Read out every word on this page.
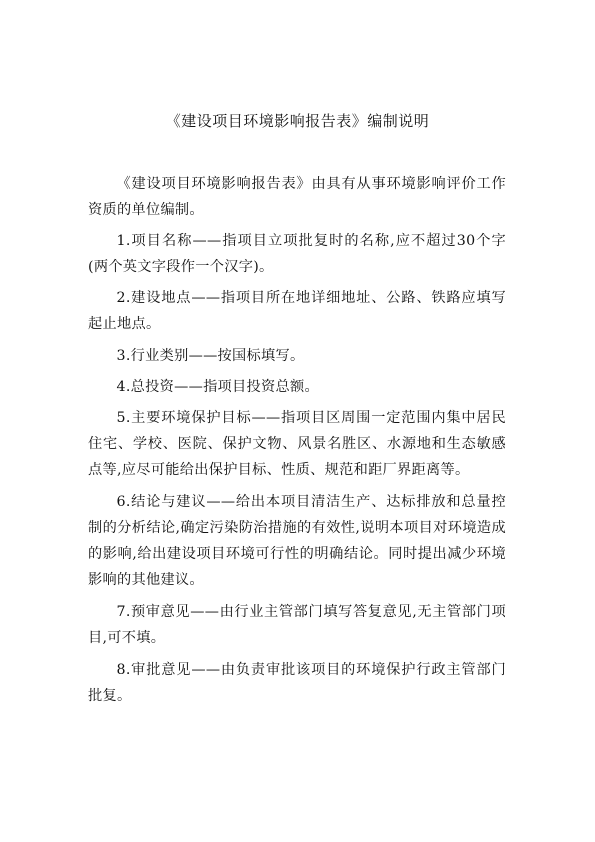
《建设项目环境影响报告表》编制说明

《建设项目环境影响报告表》由具有从事环境影响评价工作资质的单位编制。

1.项目名称——指项目立项批复时的名称,应不超过30个字(两个英文字段作一个汉字)。

2.建设地点——指项目所在地详细地址、公路、铁路应填写起止地点。

3.行业类别——按国标填写。

4.总投资——指项目投资总额。

5.主要环境保护目标——指项目区周围一定范围内集中居民住宅、学校、医院、保护文物、风景名胜区、水源地和生态敏感点等,应尽可能给出保护目标、性质、规范和距厂界距离等。

6.结论与建议——给出本项目清洁生产、达标排放和总量控制的分析结论,确定污染防治措施的有效性,说明本项目对环境造成的影响,给出建设项目环境可行性的明确结论。同时提出减少环境影响的其他建议。

7.预审意见——由行业主管部门填写答复意见,无主管部门项目,可不填。

8.审批意见——由负责审批该项目的环境保护行政主管部门批复。
